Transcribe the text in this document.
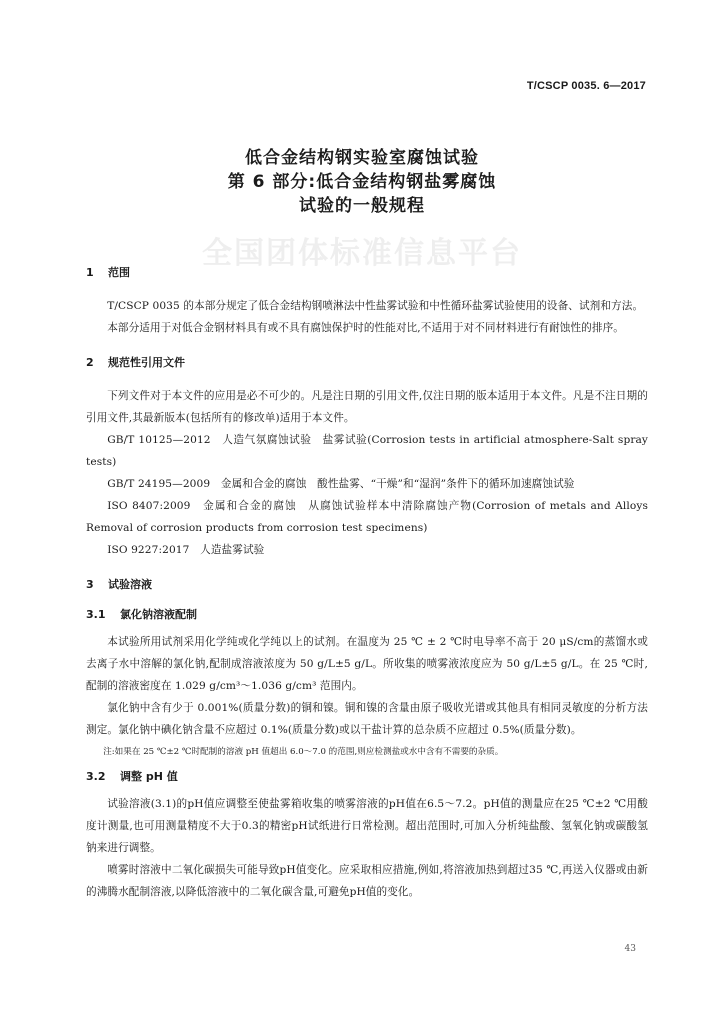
T/CSCP 0035. 6—2017
低合金结构钢实验室腐蚀试验
第 6 部分:低合金结构钢盐雾腐蚀
试验的一般规程
全国团体标准信息平台
1 范围

T/CSCP 0035 的本部分规定了低合金结构钢喷淋法中性盐雾试验和中性循环盐雾试验使用的设备、试剂和方法。

本部分适用于对低合金钢材料具有或不具有腐蚀保护时的性能对比,不适用于对不同材料进行有耐蚀性的排序。

2 规范性引用文件

下列文件对于本文件的应用是必不可少的。凡是注日期的引用文件,仅注日期的版本适用于本文件。凡是不注日期的引用文件,其最新版本(包括所有的修改单)适用于本文件。

GB/T 10125—2012　人造气氛腐蚀试验　盐雾试验(Corrosion tests in artificial atmosphere-Salt spray tests)

GB/T 24195—2009　金属和合金的腐蚀　酸性盐雾、“干燥”和“湿润”条件下的循环加速腐蚀试验

ISO 8407:2009　金属和合金的腐蚀　从腐蚀试验样本中清除腐蚀产物(Corrosion of metals and Alloys Removal of corrosion products from corrosion test specimens)

ISO 9227:2017　人造盐雾试验

3 试验溶液
3.1 氯化钠溶液配制

本试验所用试剂采用化学纯或化学纯以上的试剂。在温度为 25 ℃ ± 2 ℃时电导率不高于 20 μS/cm的蒸馏水或去离子水中溶解的氯化钠,配制成溶液浓度为 50 g/L±5 g/L。所收集的喷雾液浓度应为 50 g/L±5 g/L。在 25 ℃时,配制的溶液密度在 1.029 g/cm³～1.036 g/cm³ 范围内。

氯化钠中含有少于 0.001%(质量分数)的铜和镍。铜和镍的含量由原子吸收光谱或其他具有相同灵敏度的分析方法测定。氯化钠中碘化钠含量不应超过 0.1%(质量分数)或以干盐计算的总杂质不应超过 0.5%(质量分数)。

注:如果在 25 ℃±2 ℃时配制的溶液 pH 值超出 6.0～7.0 的范围,则应检测盐或水中含有不需要的杂质。
3.2 调整 pH 值

试验溶液(3.1)的pH值应调整至使盐雾箱收集的喷雾溶液的pH值在6.5～7.2。pH值的测量应在25 ℃±2 ℃用酸度计测量,也可用测量精度不大于0.3的精密pH试纸进行日常检测。超出范围时,可加入分析纯盐酸、氢氧化钠或碳酸氢钠来进行调整。

喷雾时溶液中二氧化碳损失可能导致pH值变化。应采取相应措施,例如,将溶液加热到超过35 ℃,再送入仪器或由新的沸腾水配制溶液,以降低溶液中的二氧化碳含量,可避免pH值的变化。

43
